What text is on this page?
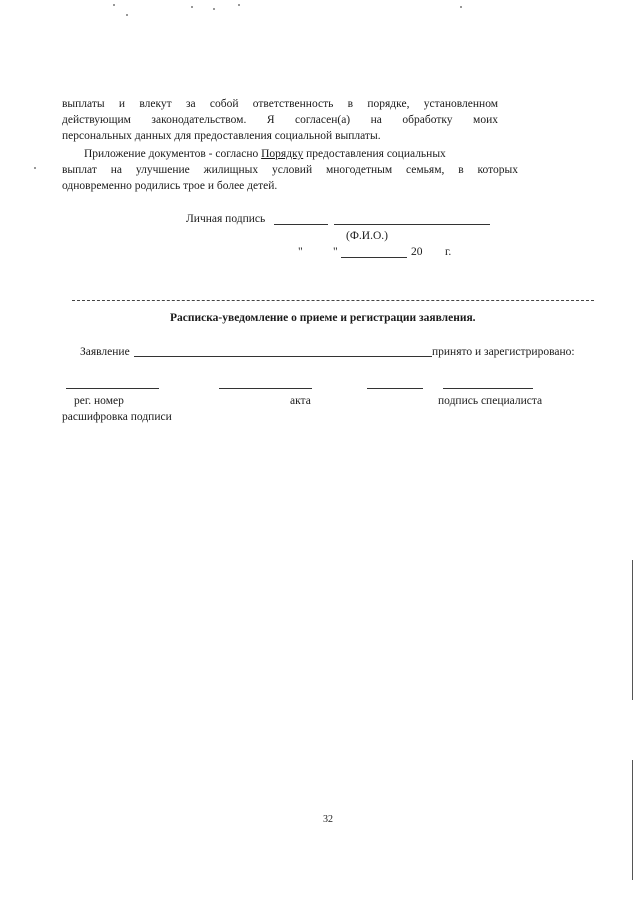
выплаты и влекут за собой ответственность в порядке, установленном
действующим законодательством. Я согласен(а) на обработку моих
персональных данных для предоставления социальной выплаты.
Приложение документов - согласно Порядку предоставления социальных
выплат на улучшение жилищных условий многодетным семьям, в которых
одновременно родились трое и более детей.
Личная подпись
(Ф.И.О.)
"	"	20 г.
Расписка-уведомление о приеме и регистрации заявления.
Заявление	принято и зарегистрировано:
рег. номер	акта	подпись специалиста
расшифровка подписи
32
